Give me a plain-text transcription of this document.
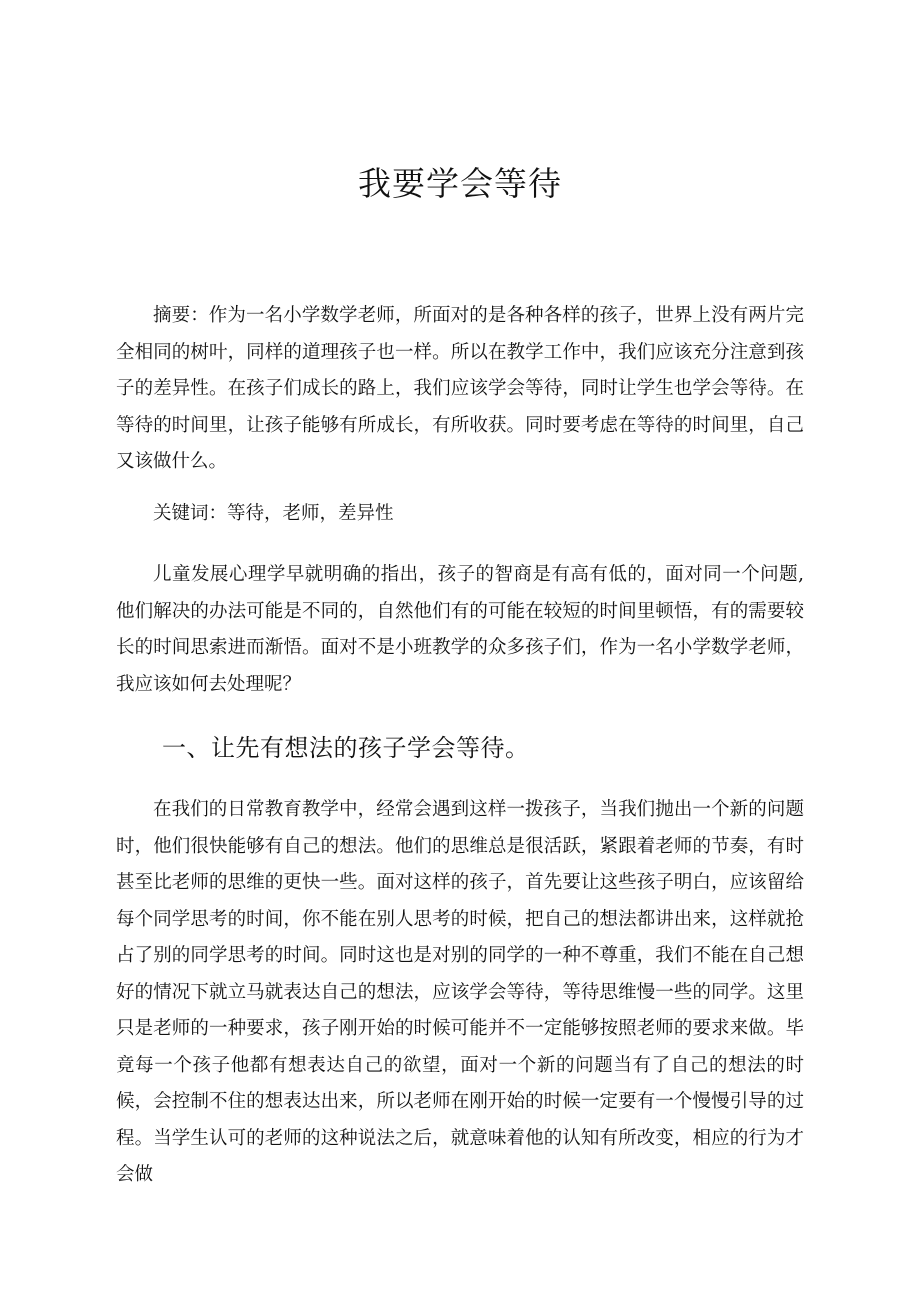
我要学会等待

摘要：作为一名小学数学老师，所面对的是各种各样的孩子，世界上没有两片完全相同的树叶，同样的道理孩子也一样。所以在教学工作中，我们应该充分注意到孩子的差异性。在孩子们成长的路上，我们应该学会等待，同时让学生也学会等待。在等待的时间里，让孩子能够有所成长，有所收获。同时要考虑在等待的时间里，自己又该做什么。

关键词：等待，老师，差异性

儿童发展心理学早就明确的指出，孩子的智商是有高有低的，面对同一个问题,他们解决的办法可能是不同的，自然他们有的可能在较短的时间里顿悟，有的需要较长的时间思索进而渐悟。面对不是小班教学的众多孩子们，作为一名小学数学老师，我应该如何去处理呢？

一、让先有想法的孩子学会等待。

在我们的日常教育教学中，经常会遇到这样一拨孩子，当我们抛出一个新的问题时，他们很快能够有自己的想法。他们的思维总是很活跃，紧跟着老师的节奏，有时甚至比老师的思维的更快一些。面对这样的孩子，首先要让这些孩子明白，应该留给每个同学思考的时间，你不能在别人思考的时候，把自己的想法都讲出来，这样就抢占了别的同学思考的时间。同时这也是对别的同学的一种不尊重，我们不能在自己想好的情况下就立马就表达自己的想法，应该学会等待，等待思维慢一些的同学。这里只是老师的一种要求，孩子刚开始的时候可能并不一定能够按照老师的要求来做。毕竟每一个孩子他都有想表达自己的欲望，面对一个新的问题当有了自己的想法的时候，会控制不住的想表达出来，所以老师在刚开始的时候一定要有一个慢慢引导的过程。当学生认可的老师的这种说法之后，就意味着他的认知有所改变，相应的行为才会做
